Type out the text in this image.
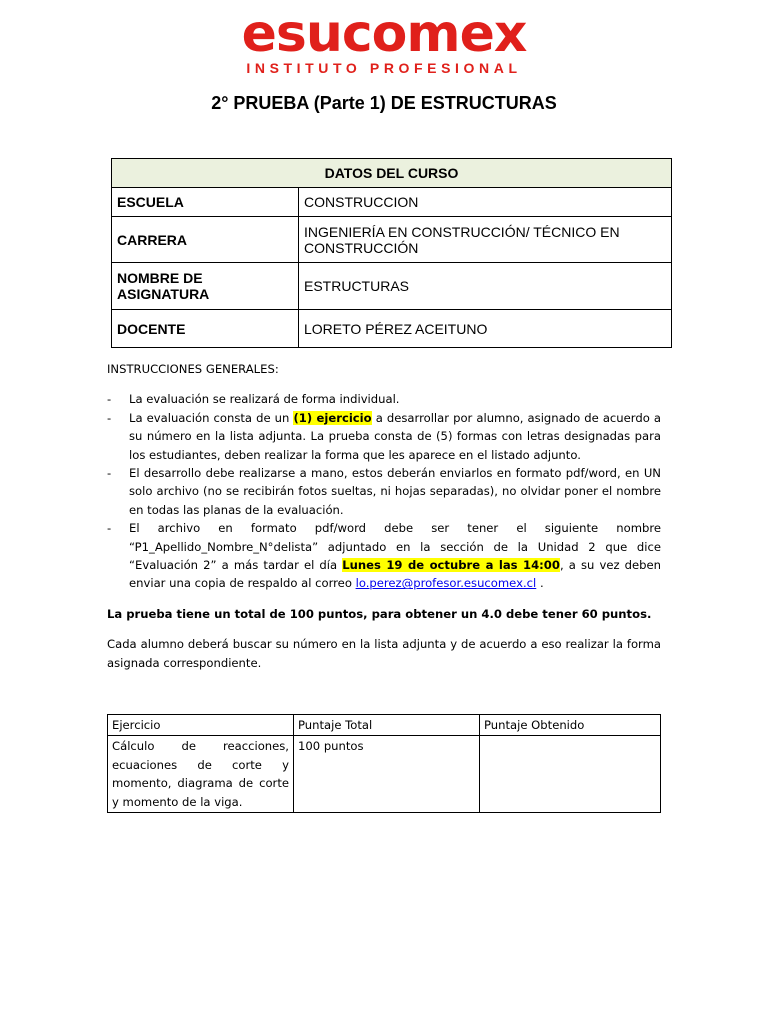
esucomex
INSTITUTO PROFESIONAL
2° PRUEBA (Parte 1) DE ESTRUCTURAS
DATOS DEL CURSO	
ESCUELA	CONSTRUCCION
CARRERA	INGENIERÍA EN CONSTRUCCIÓN/ TÉCNICO EN CONSTRUCCIÓN
NOMBRE DE ASIGNATURA	ESTRUCTURAS
DOCENTE	LORETO PÉREZ ACEITUNO

INSTRUCCIONES GENERALES:

- La evaluación se realizará de forma individual.
- La evaluación consta de un (1) ejercicio a desarrollar por alumno, asignado de acuerdo a su número en la lista adjunta. La prueba consta de (5) formas con letras designadas para los estudiantes, deben realizar la forma que les aparece en el listado adjunto.
- El desarrollo debe realizarse a mano, estos deberán enviarlos en formato pdf/word, en UN solo archivo (no se recibirán fotos sueltas, ni hojas separadas), no olvidar poner el nombre en todas las planas de la evaluación.
- El archivo en formato pdf/word debe ser tener el siguiente nombre “P1_Apellido_Nombre_N°delista” adjuntado en la sección de la Unidad 2 que dice “Evaluación 2” a más tardar el día Lunes 19 de octubre a las 14:00, a su vez deben enviar una copia de respaldo al correo lo.perez@profesor.esucomex.cl .

La prueba tiene un total de 100 puntos, para obtener un 4.0 debe tener 60 puntos.

Cada alumno deberá buscar su número en la lista adjunta y de acuerdo a eso realizar la forma asignada correspondiente.

Ejercicio	Puntaje Total	Puntaje Obtenido
Cálculo de reacciones, ecuaciones de corte y momento, diagrama de corte y momento de la viga.	100 puntos	
